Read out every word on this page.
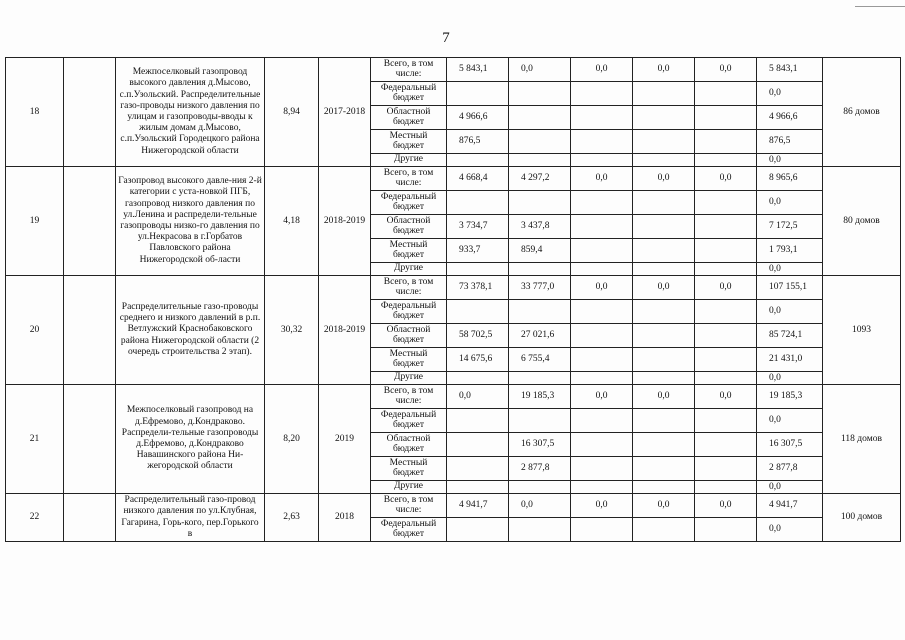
7
18		Межпоселковый газопровод высокого давления д.Мысово, с.п.Узольский. Распределительные газо-проводы низкого давления по улицам и газопроводы-вводы к жилым домам д.Мысово, с.п.Узольский Городецкого района Нижегородской области	8,94	2017-2018	Всего, в том числе:	5 843,1	0,0	0,0	0,0	0,0	5 843,1	86 домов
					Федеральный бюджет						0,0	
					Областной бюджет	4 966,6					4 966,6	
					Местный бюджет	876,5					876,5	
					Другие						0,0	
19		Газопровод высокого давле-ния 2-й категории с уста-новкой ПГБ, газопровод низкого давления по ул.Ленина и распредели-тельные газопроводы низко-го давления по ул.Некрасова в г.Горбатов Павловского района Нижегородской об-ласти	4,18	2018-2019	Всего, в том числе:	4 668,4	4 297,2	0,0	0,0	0,0	8 965,6	80 домов
					Федеральный бюджет						0,0	
					Областной бюджет	3 734,7	3 437,8				7 172,5	
					Местный бюджет	933,7	859,4				1 793,1	
					Другие						0,0	
20		Распределительные газо-проводы среднего и низкого давлений в р.п. Ветлужский Краснобаковского района Нижегородской области (2 очередь строительства 2 этап).	30,32	2018-2019	Всего, в том числе:	73 378,1	33 777,0	0,0	0,0	0,0	107 155,1	1093
					Федеральный бюджет						0,0	
					Областной бюджет	58 702,5	27 021,6				85 724,1	
					Местный бюджет	14 675,6	6 755,4				21 431,0	
					Другие						0,0	
21		Межпоселковый газопровод на д.Ефремово, д.Кондраково. Распредели-тельные газопроводы д.Ефремово, д.Кондраково Навашинского района Ни-жегородской области	8,20	2019	Всего, в том числе:	0,0	19 185,3	0,0	0,0	0,0	19 185,3	118 домов
					Федеральный бюджет						0,0	
					Областной бюджет		16 307,5				16 307,5	
					Местный бюджет		2 877,8				2 877,8	
					Другие						0,0	
22		Распределительный газо-провод низкого давления по ул.Клубная, Гагарина, Горь-кого, пер.Горького в	2,63	2018	Всего, в том числе:	4 941,7	0,0	0,0	0,0	0,0	4 941,7	100 домов
					Федеральный бюджет						0,0	
